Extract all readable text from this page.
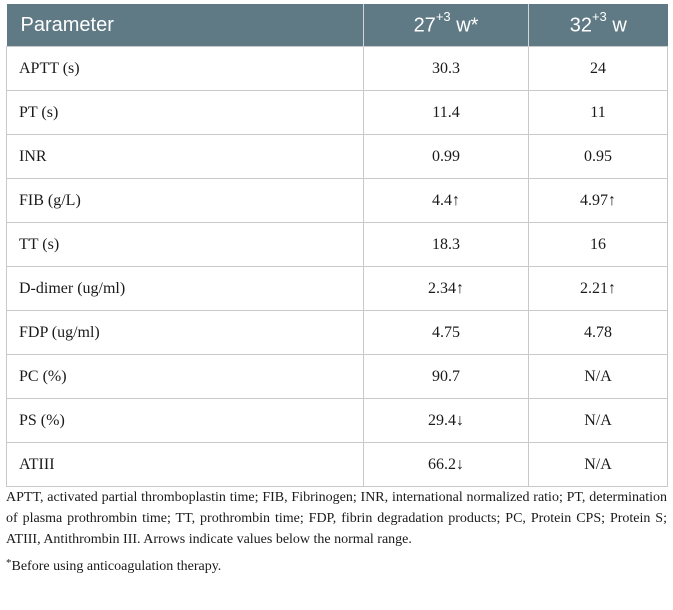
Parameter	$27^{+3}$ w*	$32^{+3}$ w
APTT (s)	30.3	24
PT (s)	11.4	11
INR	0.99	0.95
FIB (g/L)	4.4↑	4.97↑
TT (s)	18.3	16
D-dimer (ug/ml)	2.34↑	2.21↑
FDP (ug/ml)	4.75	4.78
PC (%)	90.7	N/A
PS (%)	29.4↓	N/A
ATIII	66.2↓	N/A

APTT, activated partial thromboplastin time; FIB, Fibrinogen; INR, international normalized ratio; PT, determination of plasma prothrombin time; TT, prothrombin time; FDP, fibrin degradation products; PC, Protein CPS; Protein S; ATIII, Antithrombin III. Arrows indicate values below the normal range.

*Before using anticoagulation therapy.
